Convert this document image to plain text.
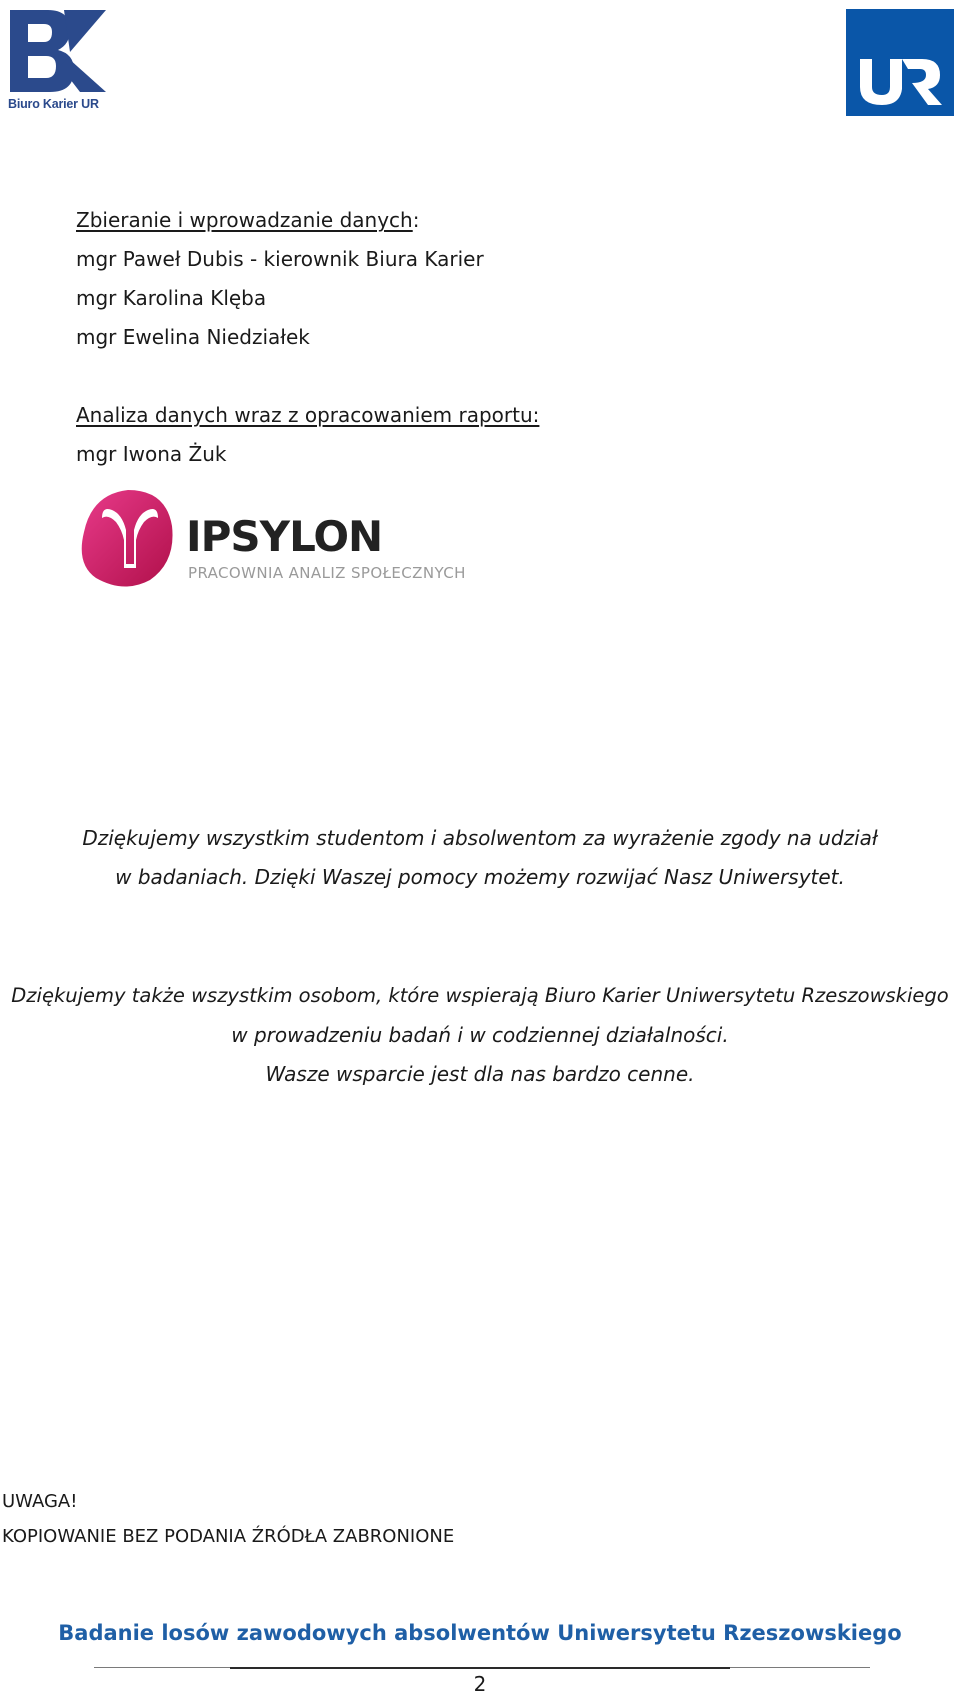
Biuro Karier UR
Zbieranie i wprowadzanie danych:
mgr Paweł Dubis - kierownik Biura Karier
mgr Karolina Klęba
mgr Ewelina Niedziałek
Analiza danych wraz z opracowaniem raportu:
mgr Iwona Żuk
IPSYLON
PRACOWNIA ANALIZ SPOŁECZNYCH
Dziękujemy wszystkim studentom i absolwentom za wyrażenie zgody na udział
w badaniach. Dzięki Waszej pomocy możemy rozwijać Nasz Uniwersytet.
Dziękujemy także wszystkim osobom, które wspierają Biuro Karier Uniwersytetu Rzeszowskiego
w prowadzeniu badań i w codziennej działalności.
Wasze wsparcie jest dla nas bardzo cenne.
UWAGA!
KOPIOWANIE BEZ PODANIA ŹRÓDŁA ZABRONIONE
Badanie losów zawodowych absolwentów Uniwersytetu Rzeszowskiego
2
